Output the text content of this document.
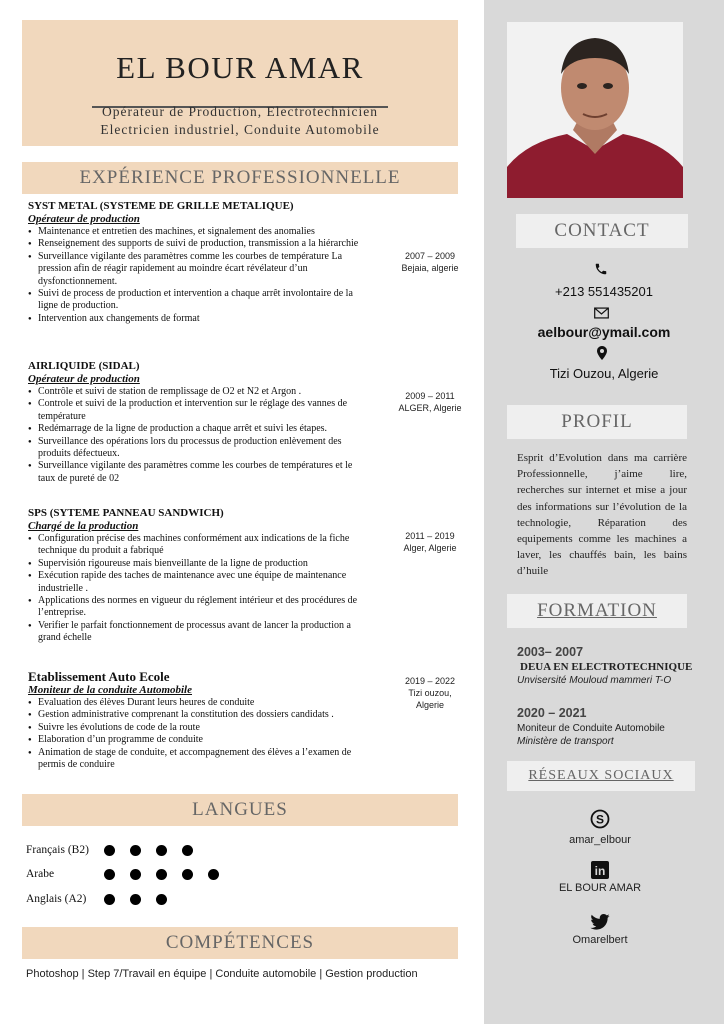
EL BOUR AMAR
Opérateur de Production, Electrotechnicien
Electricien industriel, Conduite Automobile
EXPÉRIENCE PROFESSIONNELLE
SYST METAL (SYSTEME DE GRILLE METALIQUE)
Opérateur de production
● Maintenance et entretien des machines, et signalement des anomalies
● Renseignement des supports de suivi de production, transmission a la hiérarchie
● Surveillance vigilante des paramètres comme les courbes de température La pression afin de réagir rapidement au moindre écart révélateur d’un dysfonctionnement.
● Suivi de process de production et intervention a chaque arrêt involontaire de la ligne de production.
● Intervention aux changements de format
2007 – 2009
Bejaia, algerie
AIRLIQUIDE (SIDAL)
Opérateur de production
● Contrôle et suivi de station de remplissage de O2 et N2 et Argon .
● Controle et suivi de la production et intervention sur le réglage des vannes de température
● Redémarrage de la ligne de production a chaque arrêt et suivi les étapes.
● Surveillance des opérations lors du processus de production enlèvement des produits défectueux.
● Surveillance vigilante des paramètres comme les courbes de températures et le taux de pureté de 02
2009 – 2011
ALGER, Algerie
SPS (SYTEME PANNEAU SANDWICH)
Chargé de la production
● Configuration précise des machines conformément aux indications de la fiche technique du produit a fabriqué
● Supervisión rigoureuse mais bienveillante de la ligne de production
● Exécution rapide des taches de maintenance avec une équipe de maintenance industrielle .
● Applications des normes en vigueur du réglement intérieur et des procédures de l’entreprise.
● Verifier le parfait fonctionnement de processus avant de lancer la production a grand échelle
2011 – 2019
Alger, Algerie
Etablissement Auto Ecole
Moniteur de la conduite Automobile
● Evaluation des élèves Durant leurs heures de conduite
● Gestion administrative comprenant la constitution des dossiers candidats .
● Suivre les évolutions de code de la route
● Elaboration d’un programme de conduite
● Animation de stage de conduite, et accompagnement des élèves a l’examen de permis de conduire
2019 – 2022
Tizi ouzou, Algerie
LANGUES
Français (B2)
Arabe
Anglais (A2)
COMPÉTENCES
Photoshop | Step 7/Travail en équipe | Conduite automobile | Gestion production
CONTACT
+213 551435201
aelbour@ymail.com
Tizi Ouzou, Algerie
PROFIL
Esprit d’Evolution dans ma carrière Professionnelle, j’aime lire, recherches sur internet et mise a jour des informations sur l’évolution de la technologie, Réparation des equipements comme les machines a laver, les chauffés bain, les bains d’huile
FORMATION
2003– 2007
DEUA EN ELECTROTECHNIQUE
Unvisersité Mouloud mammeri T-O
2020 – 2021
Moniteur de Conduite Automobile
Ministère de transport
RÉSEAUX SOCIAUX
S
amar_elbour
in
EL BOUR AMAR
Omarelbert
